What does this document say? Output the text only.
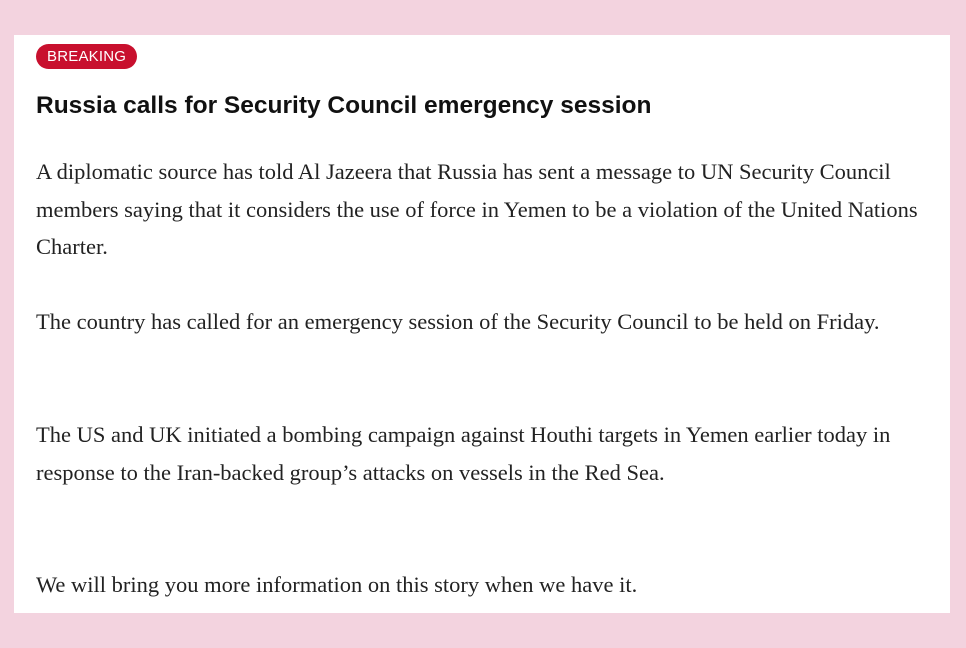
BREAKING
Russia calls for Security Council emergency session

A diplomatic source has told Al Jazeera that Russia has sent a message to UN Security Council members saying that it considers the use of force in Yemen to be a violation of the United Nations Charter.

The country has called for an emergency session of the Security Council to be held on Friday.

The US and UK initiated a bombing campaign against Houthi targets in Yemen earlier today in response to the Iran-backed group’s attacks on vessels in the Red Sea.

We will bring you more information on this story when we have it.
